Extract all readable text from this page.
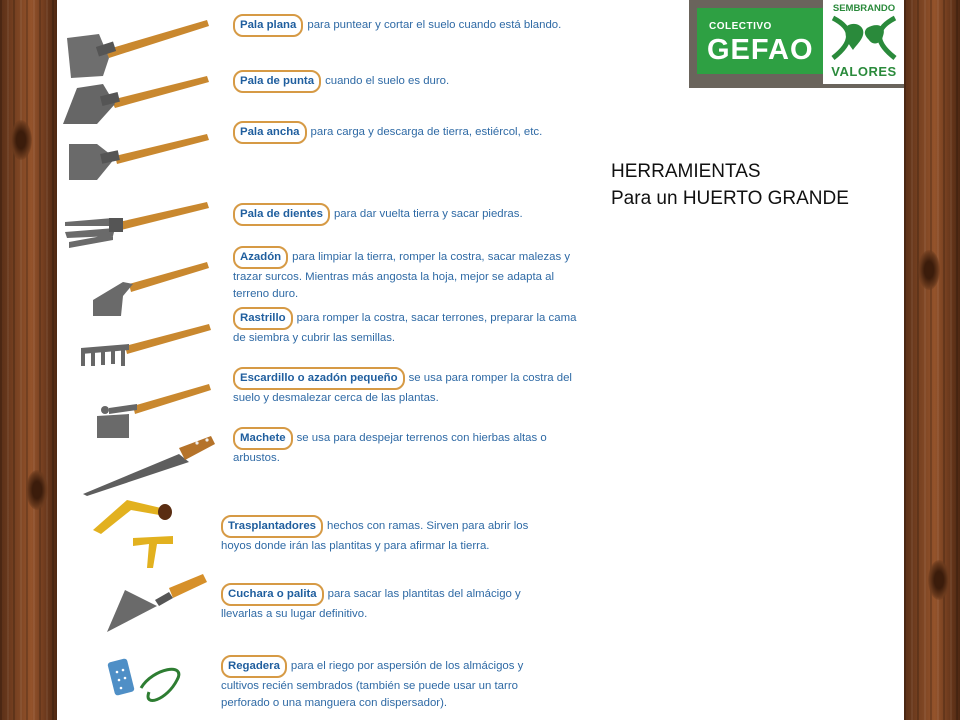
Pala plana para puntear y cortar el suelo cuando está blando.
Pala de punta cuando el suelo es duro.
Pala ancha para carga y descarga de tierra, estiércol, etc.
Pala de dientes para dar vuelta tierra y sacar piedras.
Azadón para limpiar la tierra, romper la costra, sacar malezas y trazar surcos. Mientras más angosta la hoja, mejor se adapta al terreno duro.
Rastrillo para romper la costra, sacar terrones, preparar la cama de siembra y cubrir las semillas.
Escardillo o azadón pequeño se usa para romper la costra del suelo y desmalezar cerca de las plantas.
Machete se usa para despejar terrenos con hierbas altas o arbustos.
Trasplantadores hechos con ramas. Sirven para abrir los hoyos donde irán las plantitas y para afirmar la tierra.
Cuchara o palita para sacar las plantitas del almácigo y llevarlas a su lugar definitivo.
Regadera para el riego por aspersión de los almácigos y cultivos recién sembrados (también se puede usar un tarro perforado o una manguera con dispersador).
HERRAMIENTAS
Para un HUERTO GRANDE
COLECTIVO
GEFAO
SEMBRANDO
VALORES
